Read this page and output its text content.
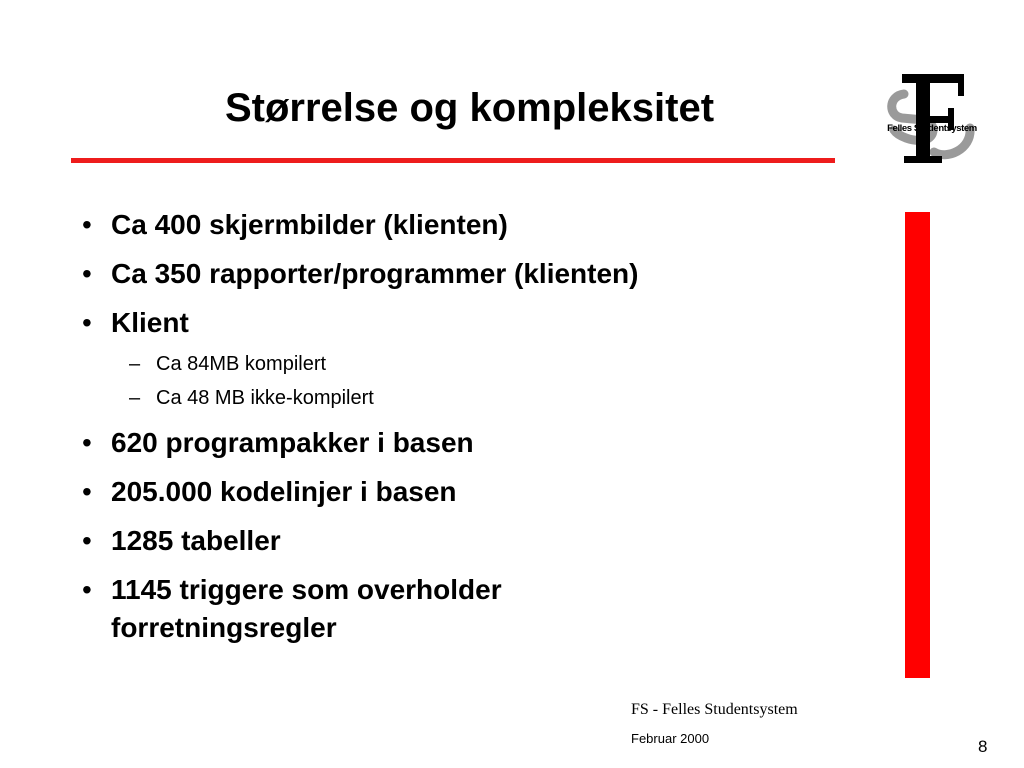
Størrelse og kompleksitet	Felles Studentsystem
• Ca 400 skjermbilder (klienten)
• Ca 350 rapporter/programmer (klienten)
• Klient
– Ca 84MB kompilert
– Ca 48 MB ikke-kompilert
• 620 programpakker i basen
• 205.000 kodelinjer i basen
• 1285 tabeller
• 1145 triggere som overholder forretningsregler
FS - Felles Studentsystem
Februar 2000	8
